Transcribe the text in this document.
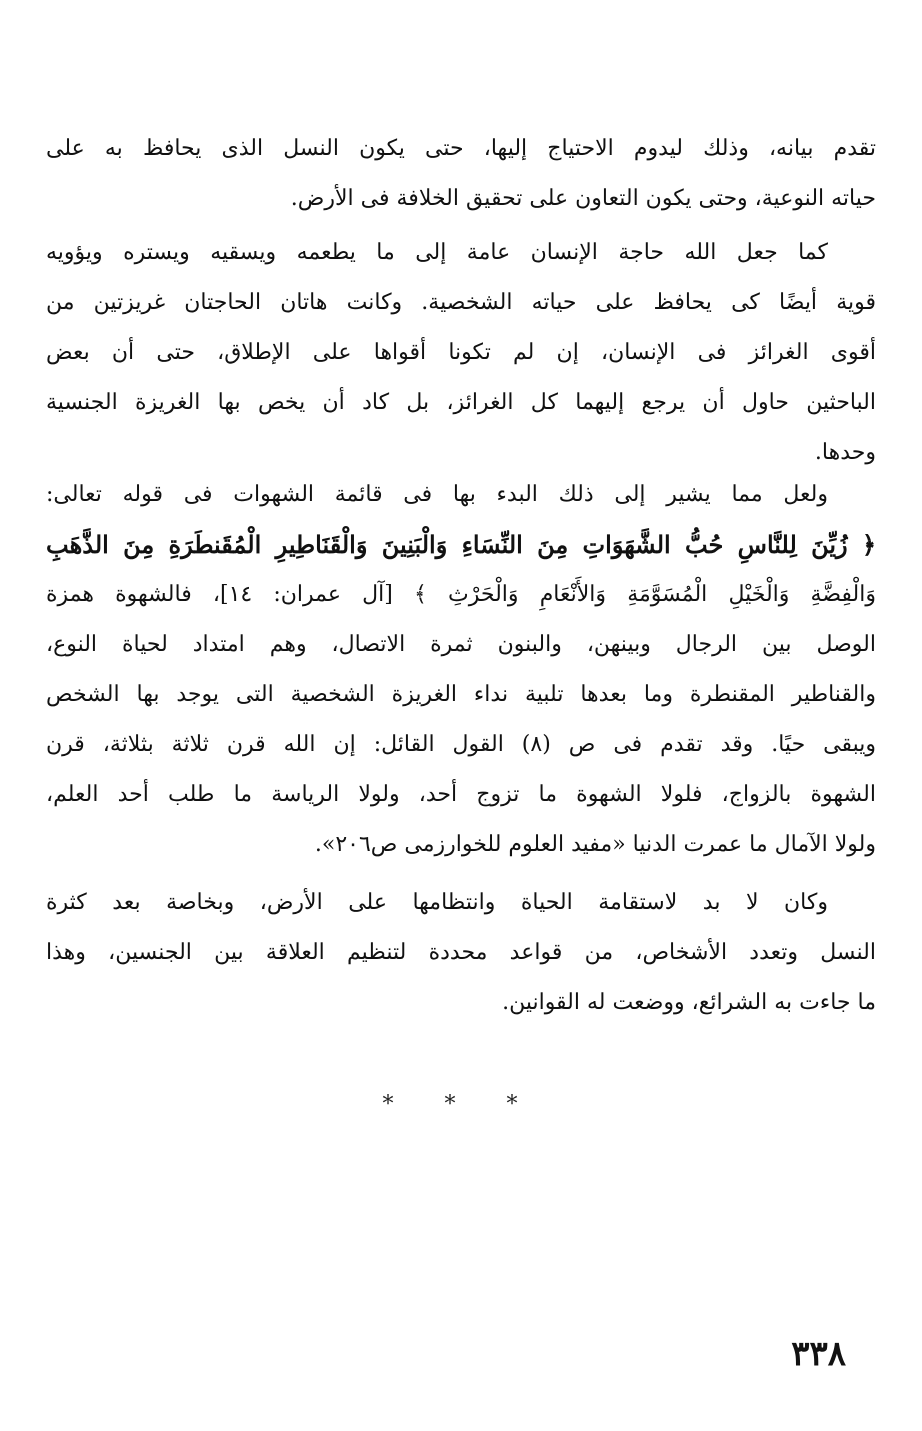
تقدم بيانه، وذلك ليدوم الاحتياج إليها، حتى يكون النسل الذى يحافظ به على
حياته النوعية، وحتى يكون التعاون على تحقيق الخلافة فى الأرض.
كما جعل الله حاجة الإنسان عامة إلى ما يطعمه ويسقيه ويستره ويؤويه
قوية أيضًا كى يحافظ على حياته الشخصية. وكانت هاتان الحاجتان غريزتين من
أقوى الغرائز فى الإنسان، إن لم تكونا أقواها على الإطلاق، حتى أن بعض
الباحثين حاول أن يرجع إليهما كل الغرائز، بل كاد أن يخص بها الغريزة الجنسية
وحدها.
ولعل مما يشير إلى ذلك البدء بها فى قائمة الشهوات فى قوله تعالى:
﴿ زُيِّنَ لِلنَّاسِ حُبُّ الشَّهَوَاتِ مِنَ النِّسَاءِ وَالْبَنِينَ وَالْقَنَاطِيرِ الْمُقَنطَرَةِ مِنَ الذَّهَبِ
وَالْفِضَّةِ وَالْخَيْلِ الْمُسَوَّمَةِ وَالأَنْعَامِ وَالْحَرْثِ ﴾ [آل عمران: ١٤]، فالشهوة همزة
الوصل بين الرجال وبينهن، والبنون ثمرة الاتصال، وهم امتداد لحياة النوع،
والقناطير المقنطرة وما بعدها تلبية نداء الغريزة الشخصية التى يوجد بها الشخص
ويبقى حيًا. وقد تقدم فى ص (٨) القول القائل: إن الله قرن ثلاثة بثلاثة، قرن
الشهوة بالزواج، فلولا الشهوة ما تزوج أحد، ولولا الرياسة ما طلب أحد العلم،
ولولا الآمال ما عمرت الدنيا «مفيد العلوم للخوارزمى ص٢٠٦».
وكان لا بد لاستقامة الحياة وانتظامها على الأرض، وبخاصة بعد كثرة
النسل وتعدد الأشخاص، من قواعد محددة لتنظيم العلاقة بين الجنسين، وهذا
ما جاءت به الشرائع، ووضعت له القوانين.
* * *
٣٣٨
